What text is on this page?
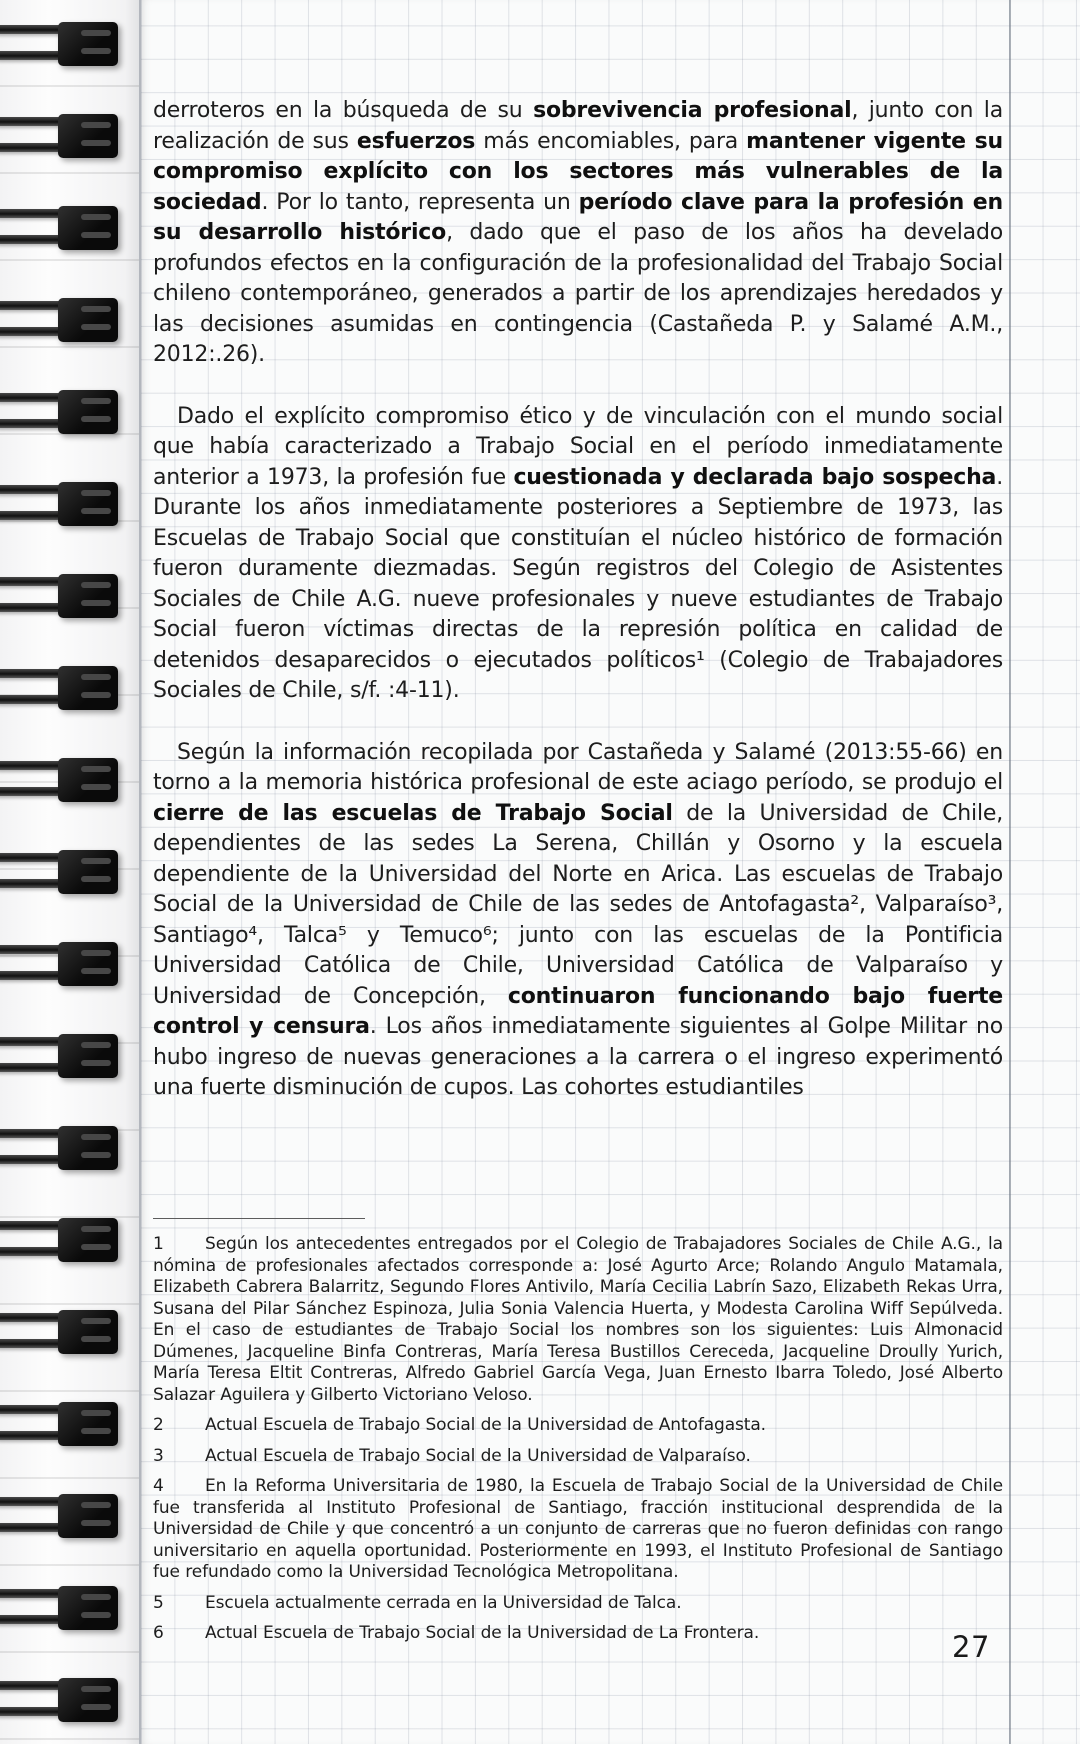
derroteros en la búsqueda de su sobrevivencia profesional, junto con la realización de sus esfuerzos más encomiables, para mantener vigente su compromiso explícito con los sectores más vulnerables de la sociedad. Por lo tanto, representa un período clave para la profesión en su desarrollo histórico, dado que el paso de los años ha develado profundos efectos en la configuración de la profesionalidad del Trabajo Social chileno contemporáneo, generados a partir de los aprendizajes heredados y las decisiones asumidas en contingencia (Castañeda P. y Salamé A.M., 2012:.26).
Dado el explícito compromiso ético y de vinculación con el mundo social que había caracterizado a Trabajo Social en el período inmediatamente anterior a 1973, la profesión fue cuestionada y declarada bajo sospecha. Durante los años inmediatamente posteriores a Septiembre de 1973, las Escuelas de Trabajo Social que constituían el núcleo histórico de formación fueron duramente diezmadas. Según registros del Colegio de Asistentes Sociales de Chile A.G. nueve profesionales y nueve estudiantes de Trabajo Social fueron víctimas directas de la represión política en calidad de detenidos desaparecidos o ejecutados políticos¹ (Colegio de Trabajadores Sociales de Chile, s/f. :4-11).
Según la información recopilada por Castañeda y Salamé (2013:55-66) en torno a la memoria histórica profesional de este aciago período, se produjo el cierre de las escuelas de Trabajo Social de la Universidad de Chile, dependientes de las sedes La Serena, Chillán y Osorno y la escuela dependiente de la Universidad del Norte en Arica. Las escuelas de Trabajo Social de la Universidad de Chile de las sedes de Antofagasta², Valparaíso³, Santiago⁴, Talca⁵ y Temuco⁶; junto con las escuelas de la Pontificia Universidad Católica de Chile, Universidad Católica de Valparaíso y Universidad de Concepción, continuaron funcionando bajo fuerte control y censura. Los años inmediatamente siguientes al Golpe Militar no hubo ingreso de nuevas generaciones a la carrera o el ingreso experimentó una fuerte disminución de cupos. Las cohortes estudiantiles
1 Según los antecedentes entregados por el Colegio de Trabajadores Sociales de Chile A.G., la nómina de profesionales afectados corresponde a: José Agurto Arce; Rolando Angulo Matamala, Elizabeth Cabrera Balarritz, Segundo Flores Antivilo, María Cecilia Labrín Sazo, Elizabeth Rekas Urra, Susana del Pilar Sánchez Espinoza, Julia Sonia Valencia Huerta, y Modesta Carolina Wiff Sepúlveda. En el caso de estudiantes de Trabajo Social los nombres son los siguientes: Luis Almonacid Dúmenes, Jacqueline Binfa Contreras, María Teresa Bustillos Cereceda, Jacqueline Droully Yurich, María Teresa Eltit Contreras, Alfredo Gabriel García Vega, Juan Ernesto Ibarra Toledo, José Alberto Salazar Aguilera y Gilberto Victoriano Veloso.
2 Actual Escuela de Trabajo Social de la Universidad de Antofagasta.
3 Actual Escuela de Trabajo Social de la Universidad de Valparaíso.
4 En la Reforma Universitaria de 1980, la Escuela de Trabajo Social de la Universidad de Chile fue transferida al Instituto Profesional de Santiago, fracción institucional desprendida de la Universidad de Chile y que concentró a un conjunto de carreras que no fueron definidas con rango universitario en aquella oportunidad. Posteriormente en 1993, el Instituto Profesional de Santiago fue refundado como la Universidad Tecnológica Metropolitana.
5 Escuela actualmente cerrada en la Universidad de Talca.
6 Actual Escuela de Trabajo Social de la Universidad de La Frontera.	27
